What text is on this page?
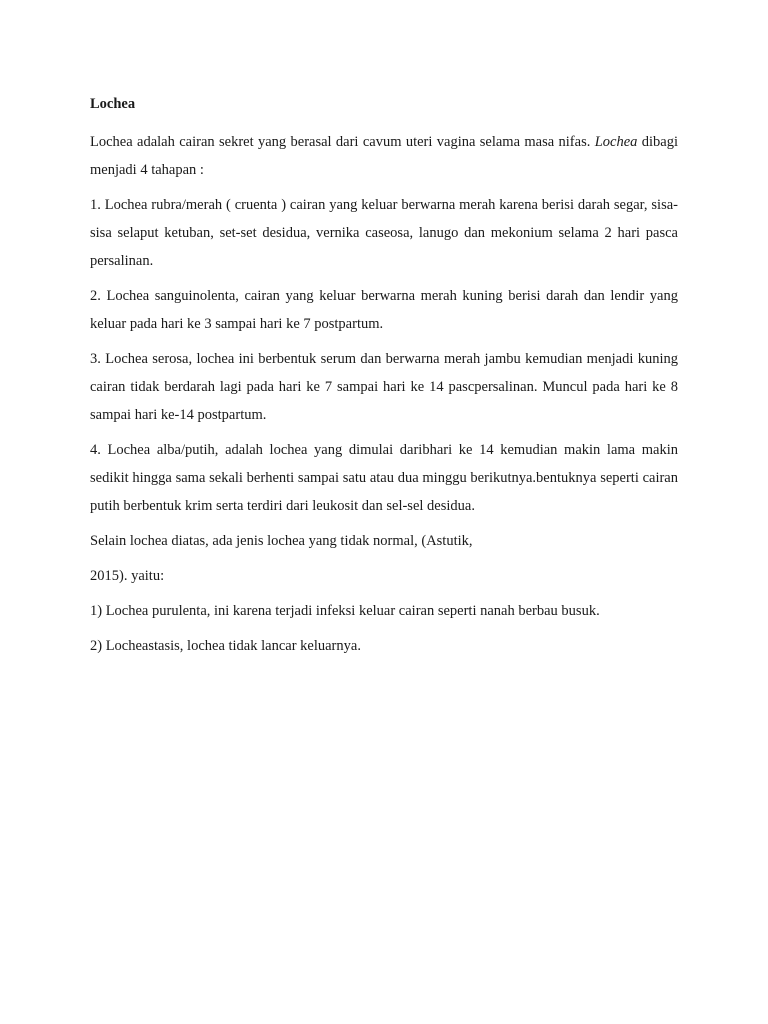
Lochea

Lochea adalah cairan sekret yang berasal dari cavum uteri vagina selama masa nifas. Lochea dibagi menjadi 4 tahapan :

1. Lochea rubra/merah ( cruenta ) cairan yang keluar berwarna merah karena berisi darah segar, sisa-sisa selaput ketuban, set-set desidua, vernika caseosa, lanugo dan mekonium selama 2 hari pasca persalinan.

2. Lochea sanguinolenta, cairan yang keluar berwarna merah kuning berisi darah dan lendir yang keluar pada hari ke 3 sampai hari ke 7 postpartum.

3. Lochea serosa, lochea ini berbentuk serum dan berwarna merah jambu kemudian menjadi kuning cairan tidak berdarah lagi pada hari ke 7 sampai hari ke 14 pascpersalinan. Muncul pada hari ke 8 sampai hari ke-14 postpartum.

4. Lochea alba/putih, adalah lochea yang dimulai daribhari ke 14 kemudian makin lama makin sedikit hingga sama sekali berhenti sampai satu atau dua minggu berikutnya.bentuknya seperti cairan putih berbentuk krim serta terdiri dari leukosit dan sel-sel desidua.

Selain lochea diatas, ada jenis lochea yang tidak normal, (Astutik,

2015). yaitu:

1) Lochea purulenta, ini karena terjadi infeksi keluar cairan seperti nanah berbau busuk.

2) Locheastasis, lochea tidak lancar keluarnya.
